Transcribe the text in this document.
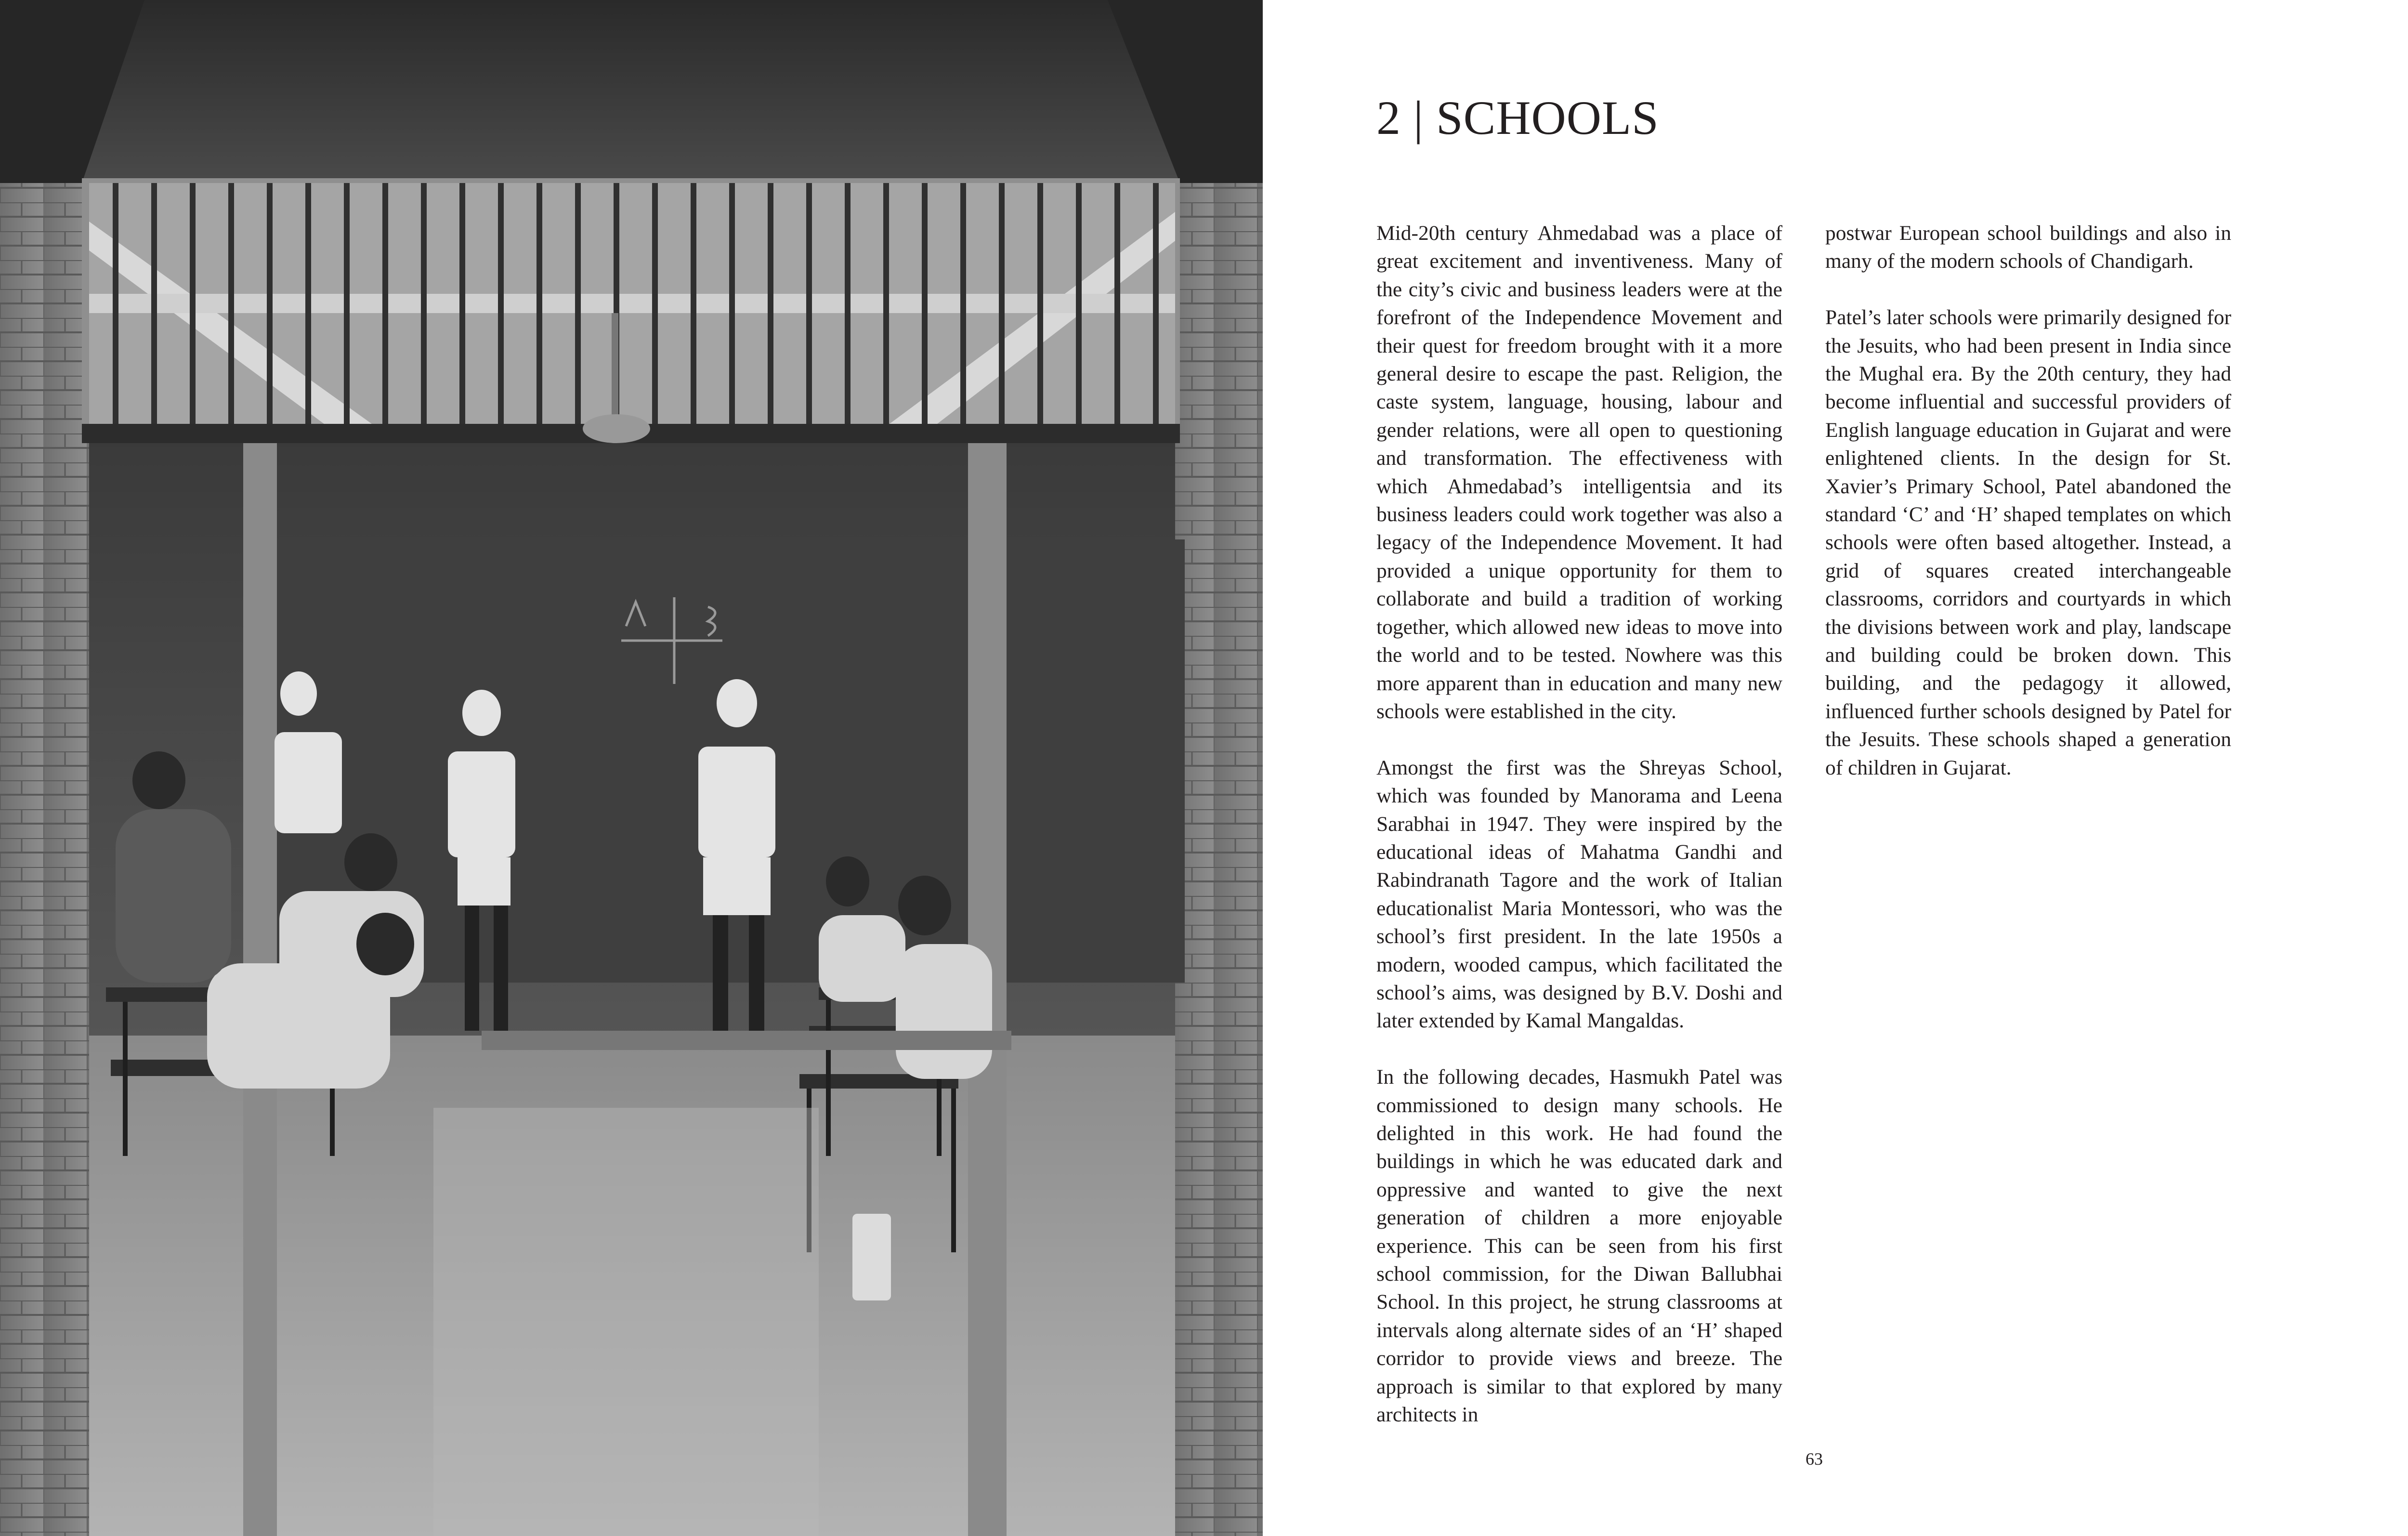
2 | SCHOOLS

Mid-20th century Ahmedabad was a place of great excitement and inventiveness. Many of the city’s civic and business leaders were at the forefront of the Independence Movement and their quest for freedom brought with it a more general desire to escape the past. Religion, the caste system, language, housing, labour and gender relations, were all open to questioning and transformation. The effectiveness with which Ahmedabad’s intelligentsia and its business leaders could work together was also a legacy of the Independence Movement. It had provided a unique opportunity for them to collaborate and build a tradition of working together, which allowed new ideas to move into the world and to be tested. Nowhere was this more apparent than in education and many new schools were established in the city.

Amongst the first was the Shreyas School, which was founded by Manorama and Leena Sarabhai in 1947. They were inspired by the educational ideas of Mahatma Gandhi and Rabindranath Tagore and the work of Italian educationalist Maria Montessori, who was the school’s first president. In the late 1950s a modern, wooded campus, which facilitated the school’s aims, was designed by B.V. Doshi and later extended by Kamal Mangaldas.

In the following decades, Hasmukh Patel was commissioned to design many schools. He delighted in this work. He had found the buildings in which he was educated dark and oppressive and wanted to give the next generation of children a more enjoyable experience. This can be seen from his first school commission, for the Diwan Ballubhai School. In this project, he strung classrooms at intervals along alternate sides of an ‘H’ shaped corridor to provide views and breeze. The approach is similar to that explored by many architects in

postwar European school buildings and also in many of the modern schools of Chandigarh.

Patel’s later schools were primarily designed for the Jesuits, who had been present in India since the Mughal era. By the 20th century, they had become influential and successful providers of English language education in Gujarat and were enlightened clients. In the design for St. Xavier’s Primary School, Patel abandoned the standard ‘C’ and ‘H’ shaped templates on which schools were often based altogether. Instead, a grid of squares created interchangeable classrooms, corridors and courtyards in which the divisions between work and play, landscape and building could be broken down. This building, and the pedagogy it allowed, influenced further schools designed by Patel for the Jesuits. These schools shaped a generation of children in Gujarat.

63
